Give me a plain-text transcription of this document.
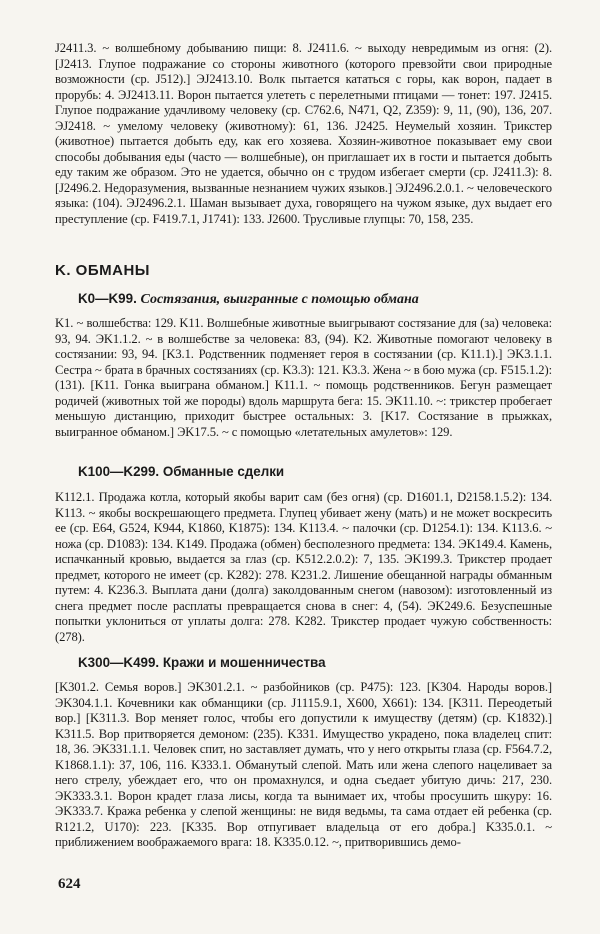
J2411.3. ~ волшебному добыванию пищи: 8. J2411.6. ~ выходу невредимым из огня: (2). [J2413. Глупое подражание со стороны животного (которого превзойти свои природные возможности (ср. J512).] ЭJ2413.10. Волк пытается кататься с горы, как ворон, падает в прорубь: 4. ЭJ2413.11. Ворон пытается улететь с перелетными птицами — тонет: 197. J2415. Глупое подражание удачливому человеку (ср. C762.6, N471, Q2, Z359): 9, 11, (90), 136, 207. ЭJ2418. ~ умелому человеку (животному): 61, 136. J2425. Неумелый хозяин. Трикстер (животное) пытается добыть еду, как его хозяева. Хозяин-животное показывает ему свои способы добывания еды (часто — волшебные), он приглашает их в гости и пытается добыть еду таким же образом. Это не удается, обычно он с трудом избегает смерти (ср. J2411.3): 8. [J2496.2. Недоразумения, вызванные незнанием чужих языков.] ЭJ2496.2.0.1. ~ человеческого языка: (104). ЭJ2496.2.1. Шаман вызывает духа, говорящего на чужом языке, дух выдает его преступление (ср. F419.7.1, J1741): 133. J2600. Трусливые глупцы: 70, 158, 235.

K. ОБМАНЫ
K0—K99. Состязания, выигранные с помощью обмана

K1. ~ волшебства: 129. K11. Волшебные животные выигрывают состязание для (за) человека: 93, 94. ЭK1.1.2. ~ в волшебстве за человека: 83, (94). K2. Животные помогают человеку в состязании: 93, 94. [K3.1. Родственник подменяет героя в состязании (ср. K11.1).] ЭK3.1.1. Сестра ~ брата в брачных состязаниях (ср. K3.3): 121. K3.3. Жена ~ в бою мужа (ср. F515.1.2): (131). [K11. Гонка выиграна обманом.] K11.1. ~ помощь родственников. Бегун размещает родичей (животных той же породы) вдоль маршрута бега: 15. ЭK11.10. ~: трикстер пробегает меньшую дистанцию, приходит быстрее остальных: 3. [K17. Состязание в прыжках, выигранное обманом.] ЭK17.5. ~ с помощью «летательных амулетов»: 129.

K100—K299. Обманные сделки

K112.1. Продажа котла, который якобы варит сам (без огня) (ср. D1601.1, D2158.1.5.2): 134. K113. ~ якобы воскрешающего предмета. Глупец убивает жену (мать) и не может воскресить ее (ср. E64, G524, K944, K1860, K1875): 134. K113.4. ~ палочки (ср. D1254.1): 134. K113.6. ~ ножа (ср. D1083): 134. K149. Продажа (обмен) бесполезного предмета: 134. ЭK149.4. Камень, испачканный кровью, выдается за глаз (ср. K512.2.0.2): 7, 135. ЭK199.3. Трикстер продает предмет, которого не имеет (ср. K282): 278. K231.2. Лишение обещанной награды обманным путем: 4. K236.3. Выплата дани (долга) заколдованным снегом (навозом): изготовленный из снега предмет после расплаты превращается снова в снег: 4, (54). ЭK249.6. Безуспешные попытки уклониться от уплаты долга: 278. K282. Трикстер продает чужую собственность: (278).

K300—K499. Кражи и мошенничества

[K301.2. Семья воров.] ЭK301.2.1. ~ разбойников (ср. P475): 123. [K304. Народы воров.] ЭK304.1.1. Кочевники как обманщики (ср. J1115.9.1, X600, X661): 134. [K311. Переодетый вор.] [K311.3. Вор меняет голос, чтобы его допустили к имуществу (детям) (ср. K1832).] K311.5. Вор притворяется демоном: (235). K331. Имущество украдено, пока владелец спит: 18, 36. ЭK331.1.1. Человек спит, но заставляет думать, что у него открыты глаза (ср. F564.7.2, K1868.1.1): 37, 106, 116. K333.1. Обманутый слепой. Мать или жена слепого нацеливает за него стрелу, убеждает его, что он промахнулся, и одна съедает убитую дичь: 217, 230. ЭK333.3.1. Ворон крадет глаза лисы, когда та вынимает их, чтобы просушить шкуру: 16. ЭK333.7. Кража ребенка у слепой женщины: не видя ведьмы, та сама отдает ей ребенка (ср. R121.2, U170): 223. [K335. Вор отпугивает владельца от его добра.] K335.0.1. ~ приближением воображаемого врага: 18. K335.0.12. ~, притворившись демо-

624
